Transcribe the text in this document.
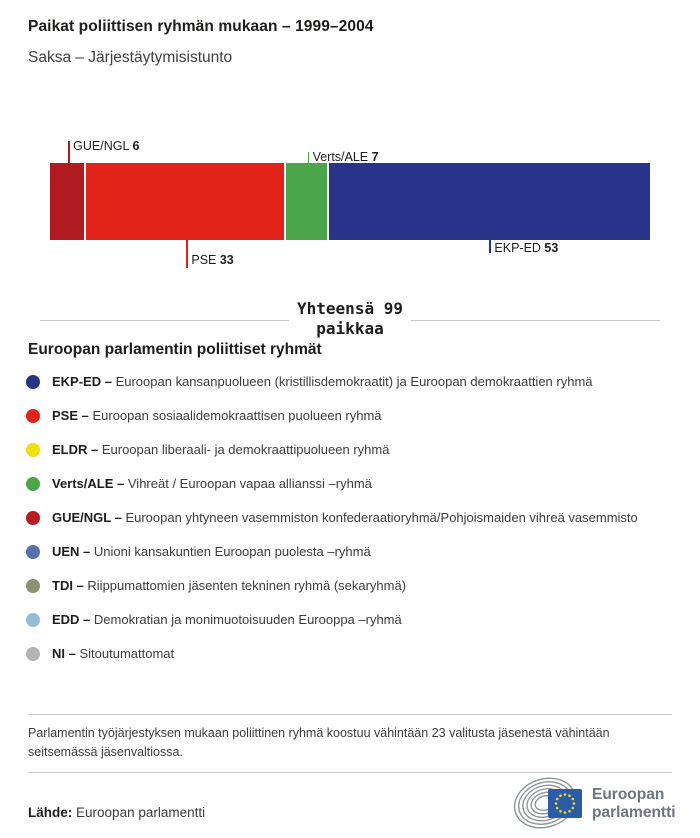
Paikat poliittisen ryhmän mukaan – 1999–2004
Saksa – Järjestäytymisistunto
GUE/NGL 6
PSE 33
Verts/ALE 7
EKP-ED 53
Yhteensä 99
paikkaa
Euroopan parlamentin poliittiset ryhmät
EKP-ED – Euroopan kansanpuolueen (kristillisdemokraatit) ja Euroopan demokraattien ryhmä
PSE – Euroopan sosiaalidemokraattisen puolueen ryhmä
ELDR – Euroopan liberaali- ja demokraattipuolueen ryhmä
Verts/ALE – Vihreät / Euroopan vapaa allianssi –ryhmä
GUE/NGL – Euroopan yhtyneen vasemmiston konfederaatioryhmä/Pohjoismaiden vihreä vasemmisto
UEN – Unioni kansakuntien Euroopan puolesta –ryhmä
TDI – Riippumattomien jäsenten tekninen ryhmä (sekaryhmä)
EDD – Demokratian ja monimuotoisuuden Eurooppa –ryhmä
NI – Sitoutumattomat
Parlamentin työjärjestyksen mukaan poliittinen ryhmä koostuu vähintään 23 valitusta jäsenestä vähintään seitsemässä jäsenvaltiossa.
Lähde: Euroopan parlamentti
Euroopan parlamentti
